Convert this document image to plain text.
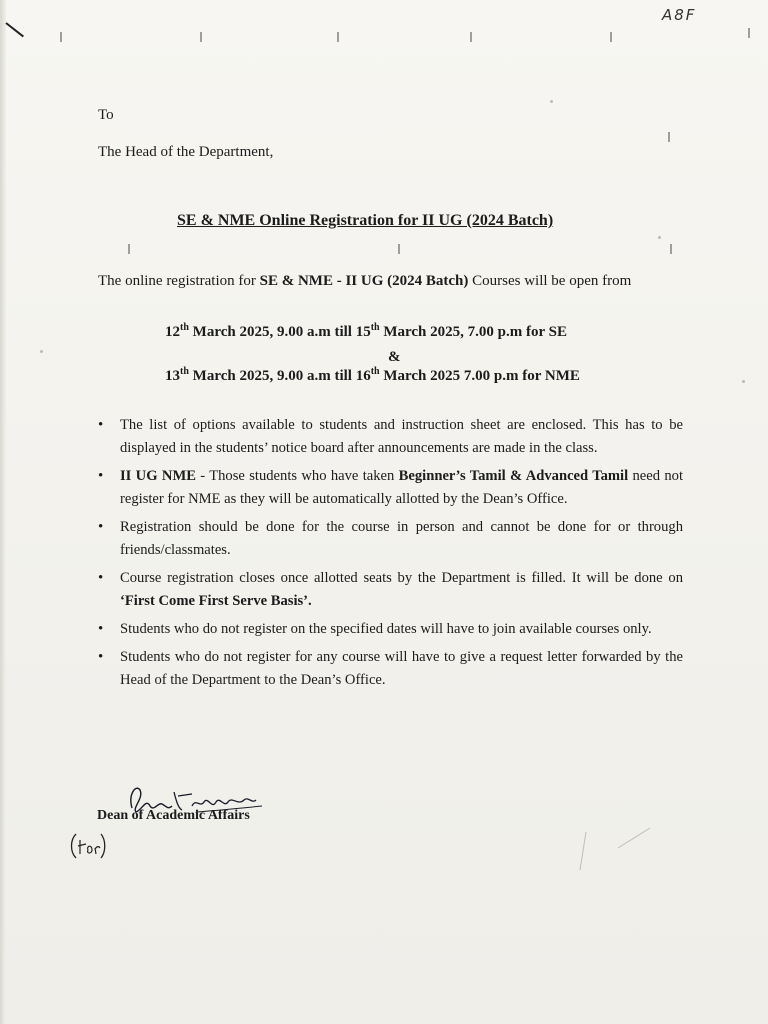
A8F
To
The Head of the Department,
SE & NME Online Registration for II UG (2024 Batch)
The online registration for SE & NME - II UG (2024 Batch) Courses will be open from
12th March 2025, 9.00 a.m till 15th March 2025, 7.00 p.m for SE
&
13th March 2025, 9.00 a.m till 16th March 2025 7.00 p.m for NME
• The list of options available to students and instruction sheet are enclosed. This has to be displayed in the students’ notice board after announcements are made in the class.
• II UG NME - Those students who have taken Beginner’s Tamil & Advanced Tamil need not register for NME as they will be automatically allotted by the Dean’s Office.
• Registration should be done for the course in person and cannot be done for or through friends/classmates.
• Course registration closes once allotted seats by the Department is filled. It will be done on ‘First Come First Serve Basis’.
• Students who do not register on the specified dates will have to join available courses only.
• Students who do not register for any course will have to give a request letter forwarded by the Head of the Department to the Dean’s Office.
Dean of Academic Affairs
